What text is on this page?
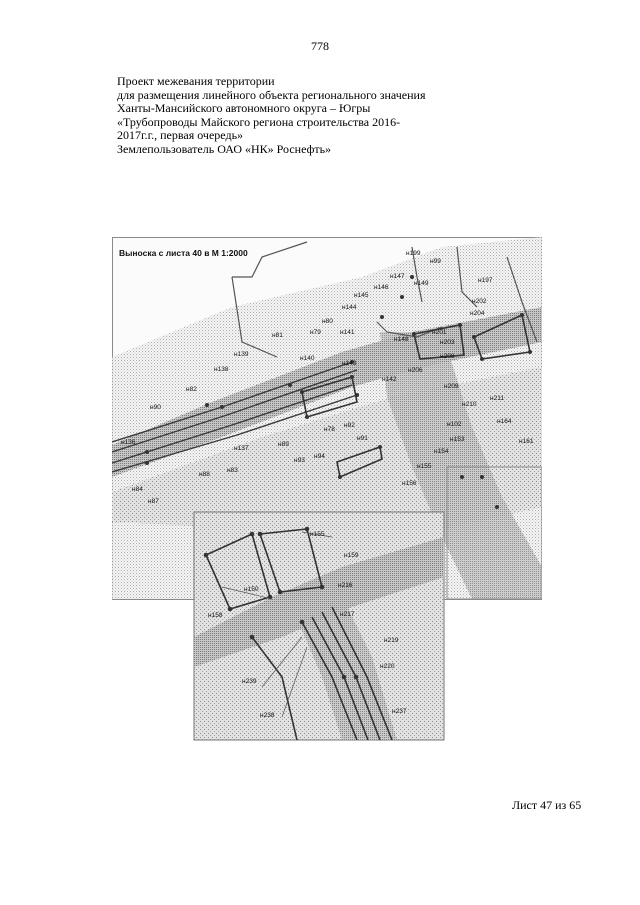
778
Проект межевания территории
для размещения линейного объекта регионального значения
Ханты-Мансийского автономного округа – Югры
«Трубопроводы Майского региона строительства 2016-
2017г.г., первая очередь»
Землепользователь ОАО «НК» Роснефть»
Выноска с листа 40 в М 1:2000	н199
н99
н197
н147
н146
н149
н145
н202
н144
н204
н80
н79	н141	н201
н81
н148	н203
н140
н139
н143
н208
н138	н206
н142
н82	н209
н211
н90	н210
н78
н92	н102	н164
н136	н153
н91	н161
н89
н137	н154
н93
н94
н88
н83
н155
н156
н84
н87
н155
н159
н216
н150
н158	н217
н219
н220
н239
н238
н237
Лист 47 из 65
